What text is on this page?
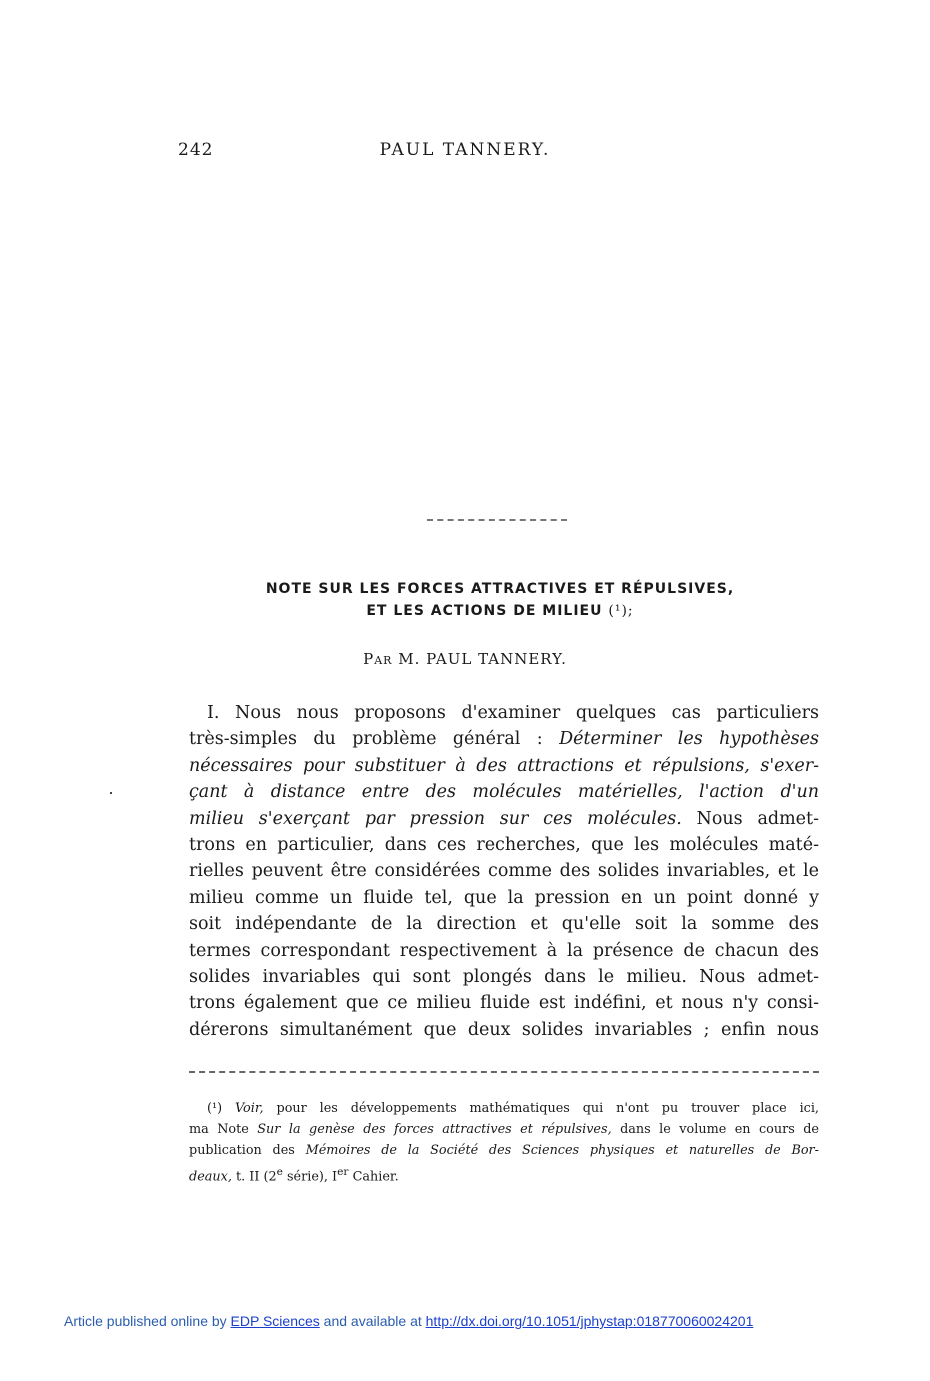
242	PAUL TANNERY.
NOTE SUR LES FORCES ATTRACTIVES ET RÉPULSIVES,
ET LES ACTIONS DE MILIEU (¹);
Par M. PAUL TANNERY.
I. Nous nous proposons d'examiner quelques cas particuliers
très-simples du problème général : Déterminer les hypothèses
nécessaires pour substituer à des attractions et répulsions, s'exer-
çant à distance entre des molécules matérielles, l'action d'un
milieu s'exerçant par pression sur ces molécules. Nous admet-
trons en particulier, dans ces recherches, que les molécules maté-
rielles peuvent être considérées comme des solides invariables, et le
milieu comme un fluide tel, que la pression en un point donné y
soit indépendante de la direction et qu'elle soit la somme des
termes correspondant respectivement à la présence de chacun des
solides invariables qui sont plongés dans le milieu. Nous admet-
trons également que ce milieu fluide est indéfini, et nous n'y consi-
dérerons simultanément que deux solides invariables ; enfin nous
(¹) Voir, pour les développements mathématiques qui n'ont pu trouver place ici,
ma Note Sur la genèse des forces attractives et répulsives, dans le volume en cours de
publication des Mémoires de la Société des Sciences physiques et naturelles de Bor-
deaux, t. II (2e série), Ier Cahier.
Article published online by EDP Sciences and available at http://dx.doi.org/10.1051/jphystap:018770060024201
